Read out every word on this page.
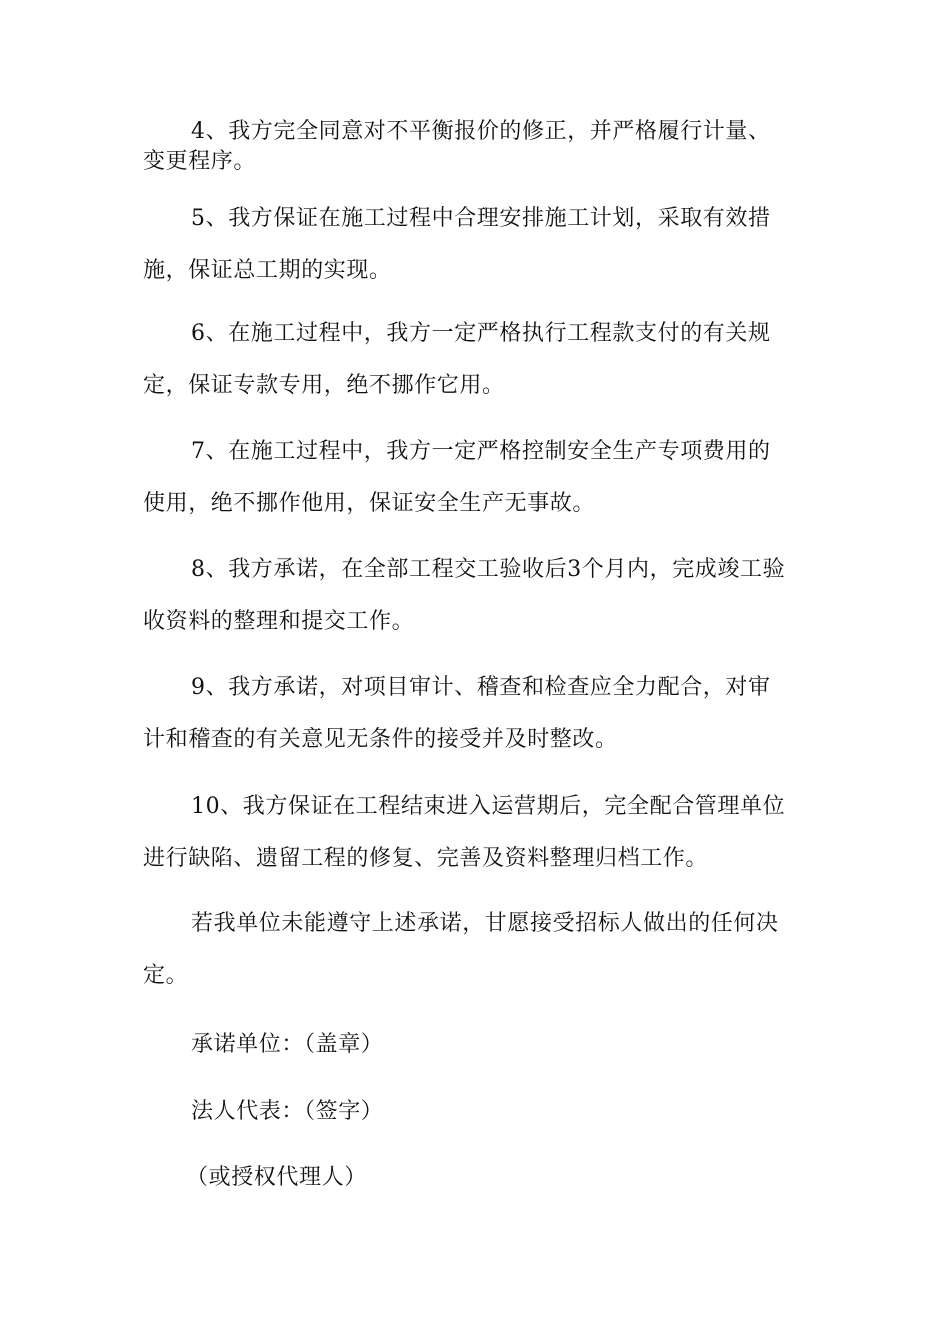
4、我方完全同意对不平衡报价的修正，并严格履行计量、
变更程序。

5、我方保证在施工过程中合理安排施工计划，采取有效措
施，保证总工期的实现。

6、在施工过程中，我方一定严格执行工程款支付的有关规
定，保证专款专用，绝不挪作它用。

7、在施工过程中，我方一定严格控制安全生产专项费用的
使用，绝不挪作他用，保证安全生产无事故。

8、我方承诺，在全部工程交工验收后3个月内，完成竣工验
收资料的整理和提交工作。

9、我方承诺，对项目审计、稽查和检查应全力配合，对审
计和稽查的有关意见无条件的接受并及时整改。

10、我方保证在工程结束进入运营期后，完全配合管理单位
进行缺陷、遗留工程的修复、完善及资料整理归档工作。

若我单位未能遵守上述承诺，甘愿接受招标人做出的任何决
定。

承诺单位：（盖章）

法人代表：（签字）

（或授权代理人）
